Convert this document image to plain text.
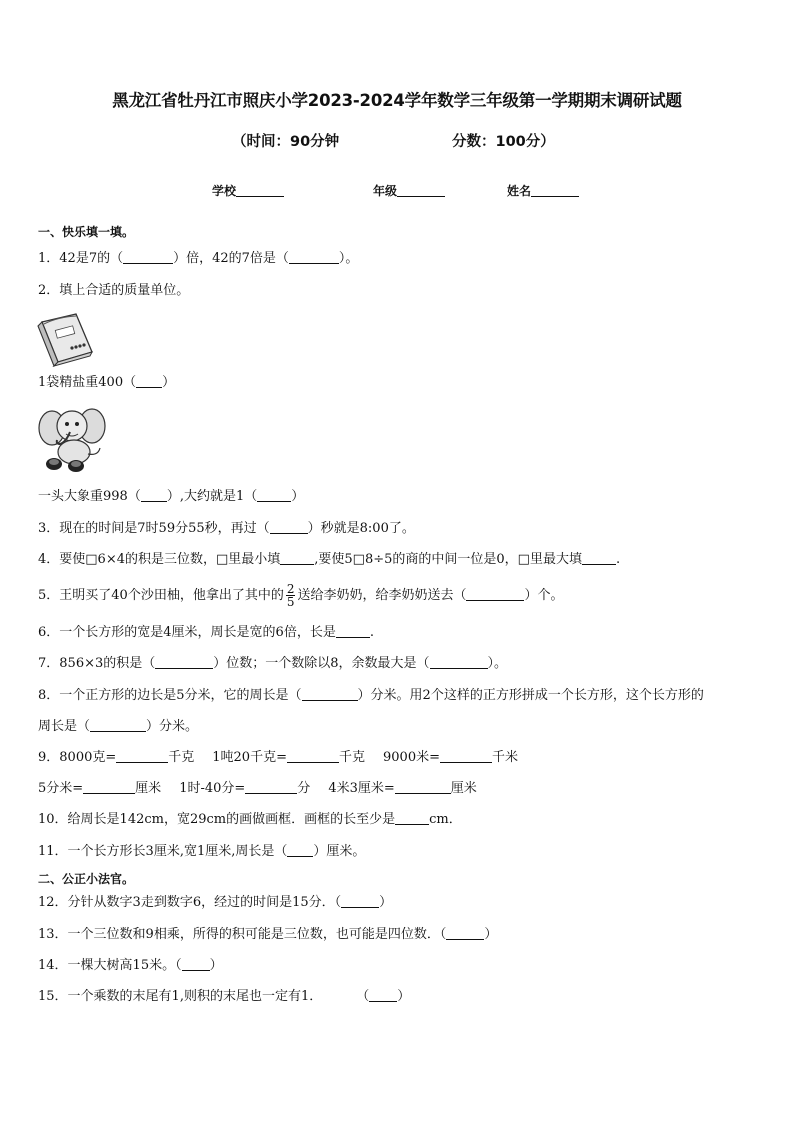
黑龙江省牡丹江市照庆小学2023-2024学年数学三年级第一学期期末调研试题
（时间：90分钟	分数：100分）
学校	年级	姓名
一、快乐填一填。
1．42是7的（	）倍，42的7倍是（	）。
2．填上合适的质量单位。
1袋精盐重400（ ）
一头大象重998（ ）,大约就是1（	）
3．现在的时间是7时59分55秒，再过（	）秒就是8:00了。
4．要使□6×4的积是三位数，□里最小填	,要使5□8÷5的商的中间一位是0，□里最大填	.
5．王明买了40个沙田柚，他拿出了其中的 $\frac{2}{5}$ 送给李奶奶，给李奶奶送去（	）个。
6．一个长方形的宽是4厘米，周长是宽的6倍，长是	.
7．856×3的积是（	）位数；一个数除以8，余数最大是（	）。
8．一个正方形的边长是5分米，它的周长是（	）分米。用2个这样的正方形拼成一个长方形，这个长方形的
周长是（	）分米。
9．8000克=	千克 1吨20千克=	千克 9000米=	千米
5分米=	厘米 1时-40分=	分 4米3厘米=	厘米
10．给周长是142cm，宽29cm的画做画框．画框的长至少是	cm．
11．一个长方形长3厘米,宽1厘米,周长是（ ）厘米。
二、公正小法官。
12．分针从数字3走到数字6，经过的时间是15分．（	）
13．一个三位数和9相乘，所得的积可能是三位数，也可能是四位数．（	）
14．一棵大树高15米。（ ）
15．一个乘数的末尾有1,则积的末尾也一定有1．	（ ）
